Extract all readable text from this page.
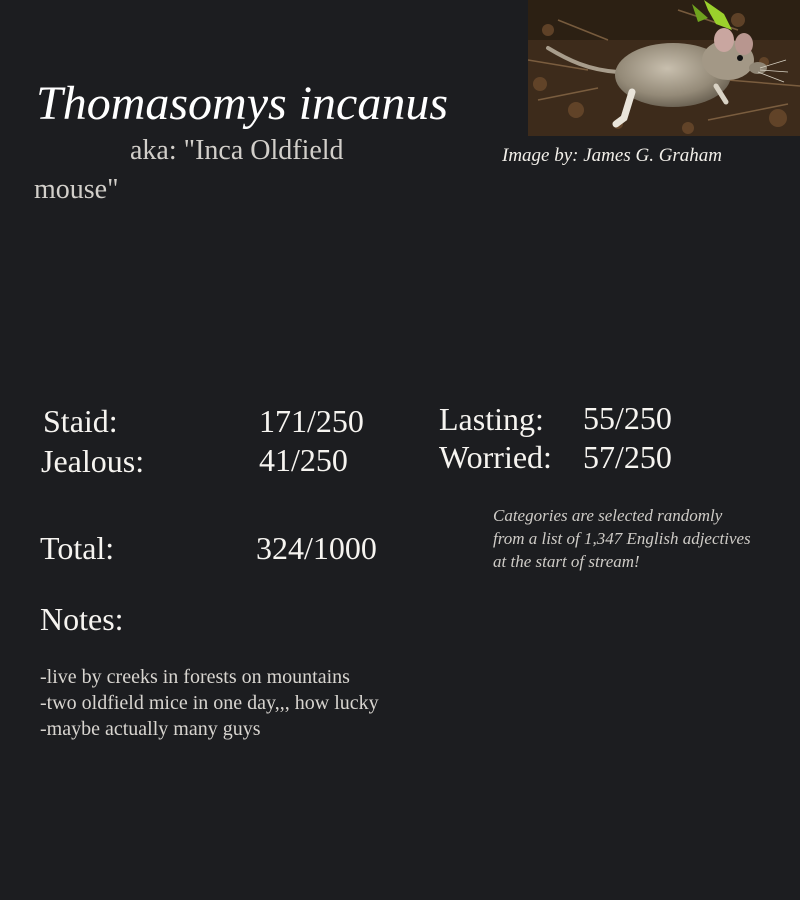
Thomasomys incanus
aka: "Inca Oldfield
mouse"
Image by: James G. Graham
Staid:	171/250
Jealous:	41/250
Lasting: 55/250
Worried: 57/250
Total:	324/1000
Categories are selected randomly from a list of 1,347 English adjectives at the start of stream!
Notes:
-live by creeks in forests on mountains
-two oldfield mice in one day,,, how lucky
-maybe actually many guys
